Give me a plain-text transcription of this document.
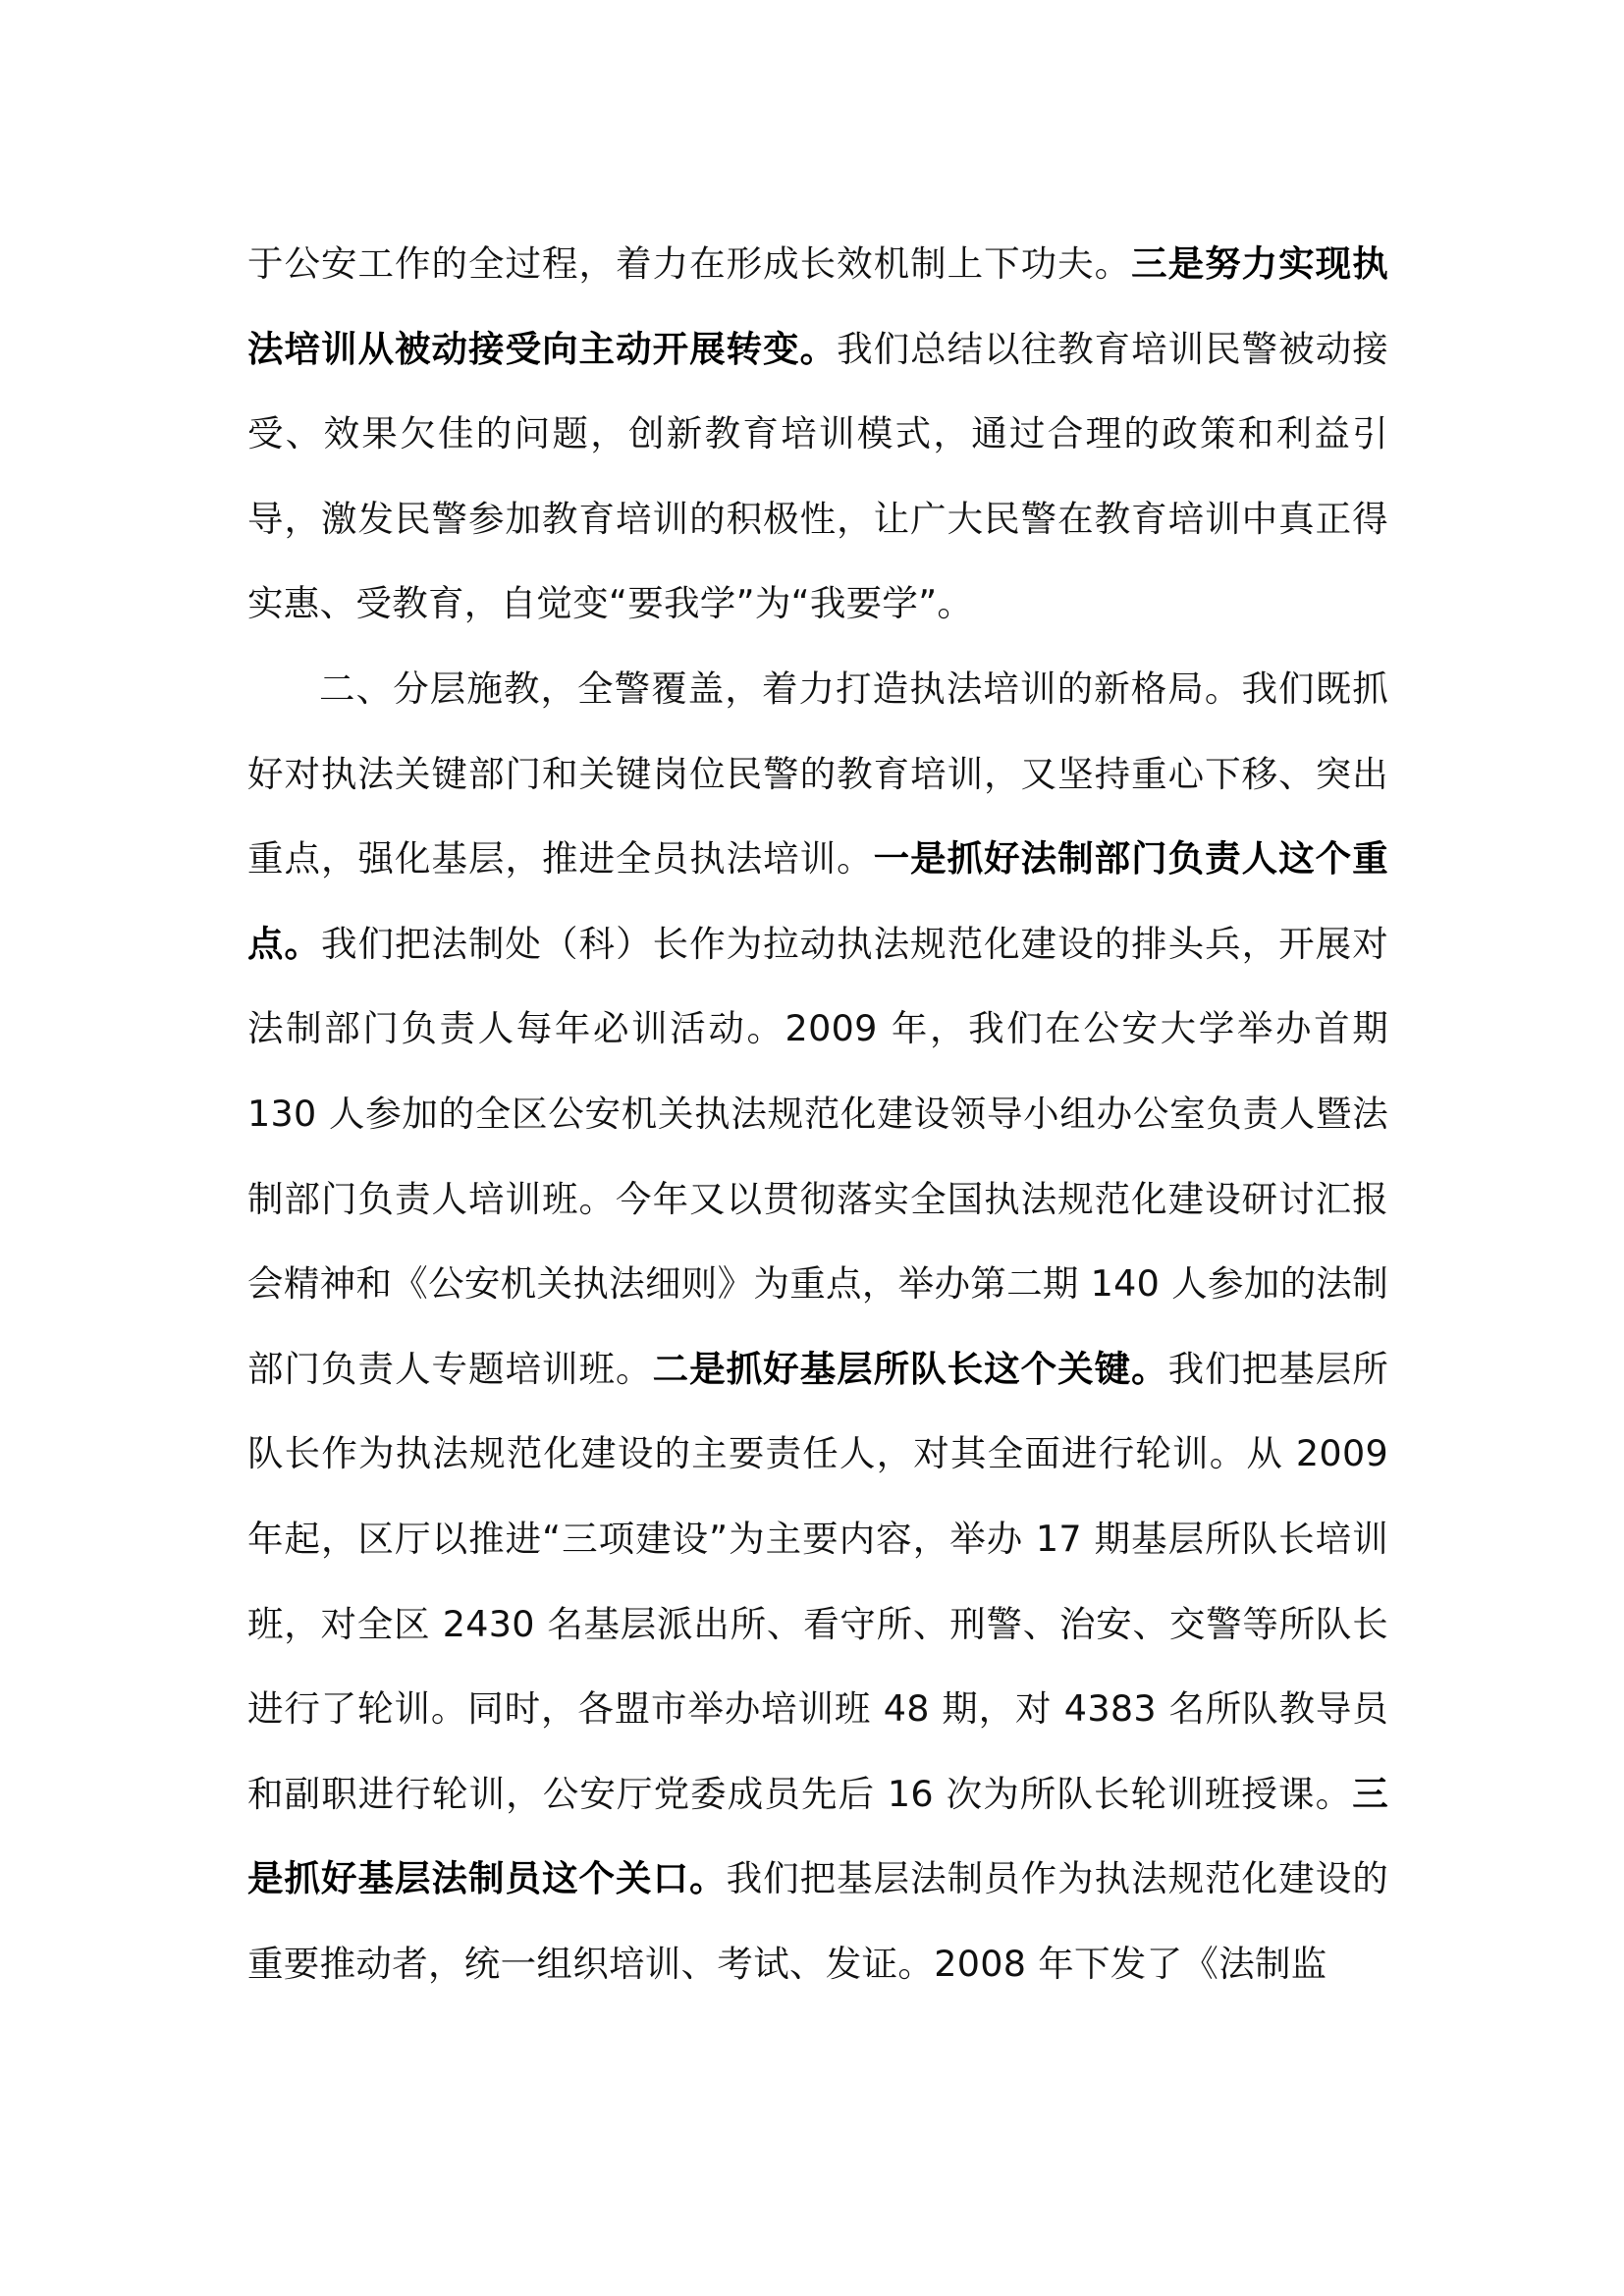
于公安工作的全过程，着力在形成长效机制上下功夫。三是努力实现执法培训从被动接受向主动开展转变。我们总结以往教育培训民警被动接受、效果欠佳的问题，创新教育培训模式，通过合理的政策和利益引导，激发民警参加教育培训的积极性，让广大民警在教育培训中真正得实惠、受教育，自觉变“要我学”为“我要学”。

二、分层施教，全警覆盖，着力打造执法培训的新格局。我们既抓好对执法关键部门和关键岗位民警的教育培训，又坚持重心下移、突出重点，强化基层，推进全员执法培训。一是抓好法制部门负责人这个重点。我们把法制处（科）长作为拉动执法规范化建设的排头兵，开展对法制部门负责人每年必训活动。2009 年，我们在公安大学举办首期 130 人参加的全区公安机关执法规范化建设领导小组办公室负责人暨法制部门负责人培训班。今年又以贯彻落实全国执法规范化建设研讨汇报会精神和《公安机关执法细则》为重点，举办第二期 140 人参加的法制部门负责人专题培训班。二是抓好基层所队长这个关键。我们把基层所队长作为执法规范化建设的主要责任人，对其全面进行轮训。从 2009 年起，区厅以推进“三项建设”为主要内容，举办 17 期基层所队长培训班，对全区 2430 名基层派出所、看守所、刑警、治安、交警等所队长进行了轮训。同时，各盟市举办培训班 48 期，对 4383 名所队教导员和副职进行轮训，公安厅党委成员先后 16 次为所队长轮训班授课。三是抓好基层法制员这个关口。我们把基层法制员作为执法规范化建设的重要推动者，统一组织培训、考试、发证。2008 年下发了《法制监
